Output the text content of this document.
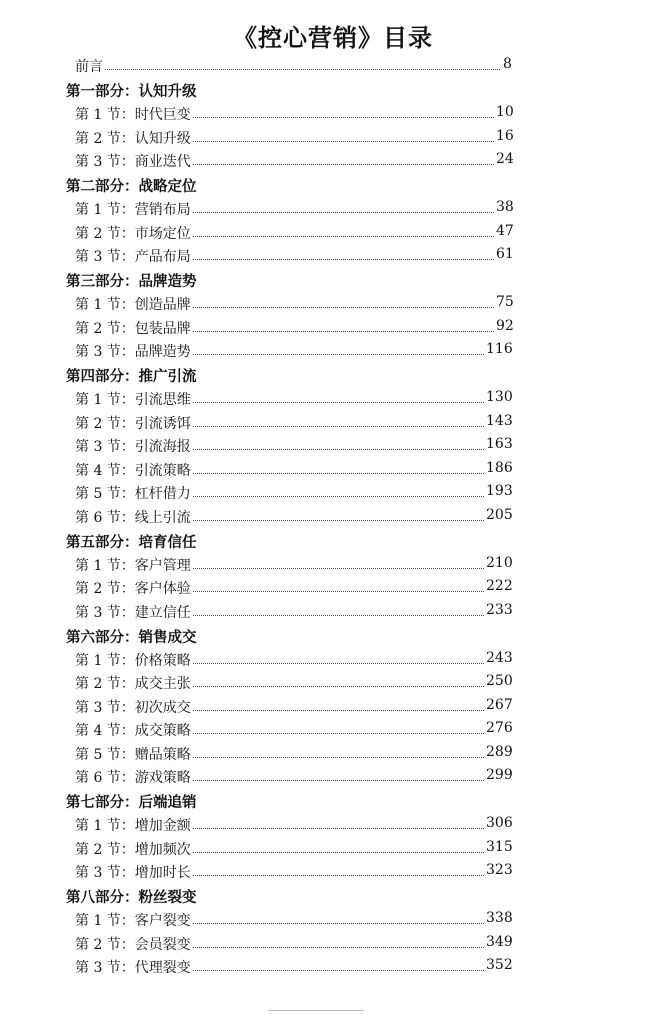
《控心营销》目录
前言	8
第一部分：认知升级
第 1 节：时代巨变	10
第 2 节：认知升级	16
第 3 节：商业迭代	24
第二部分：战略定位
第 1 节：营销布局	38
第 2 节：市场定位	47
第 3 节：产品布局	61
第三部分：品牌造势
第 1 节：创造品牌	75
第 2 节：包装品牌	92
第 3 节：品牌造势	116
第四部分：推广引流
第 1 节：引流思维	130
第 2 节：引流诱饵	143
第 3 节：引流海报	163
第 4 节：引流策略	186
第 5 节：杠杆借力	193
第 6 节：线上引流	205
第五部分：培育信任
第 1 节：客户管理	210
第 2 节：客户体验	222
第 3 节：建立信任	233
第六部分：销售成交
第 1 节：价格策略	243
第 2 节：成交主张	250
第 3 节：初次成交	267
第 4 节：成交策略	276
第 5 节：赠品策略	289
第 6 节：游戏策略	299
第七部分：后端追销
第 1 节：增加金额	306
第 2 节：增加频次	315
第 3 节：增加时长	323
第八部分：粉丝裂变
第 1 节：客户裂变	338
第 2 节：会员裂变	349
第 3 节：代理裂变	352
